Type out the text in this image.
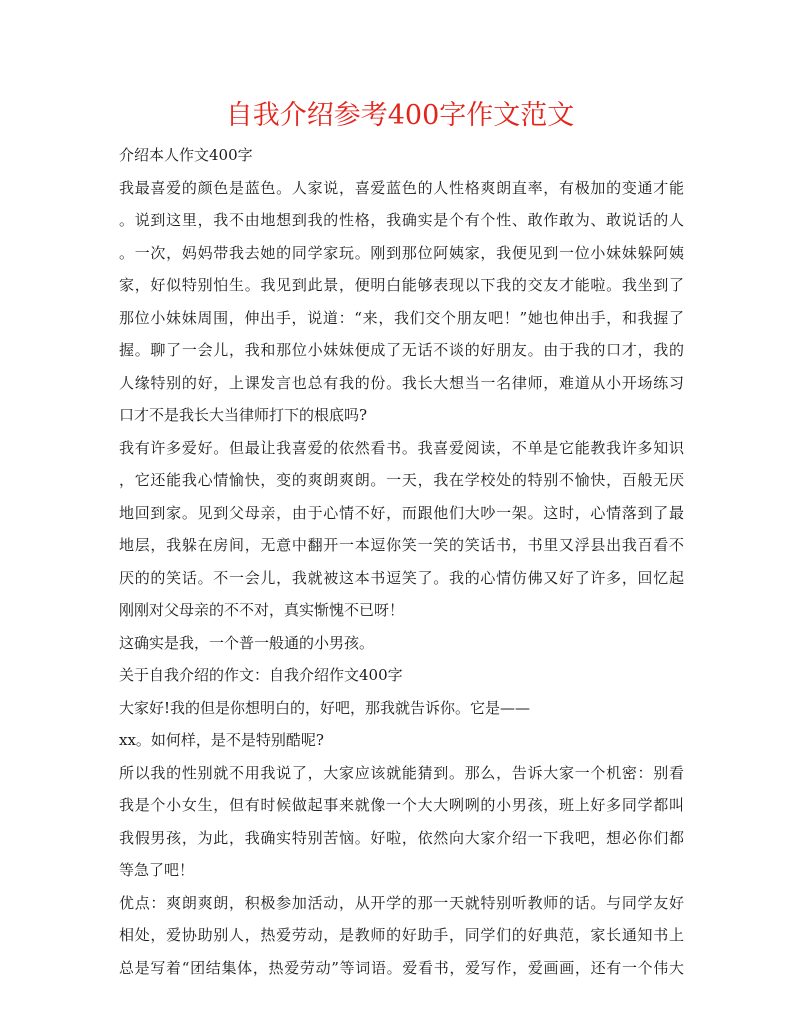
自我介绍参考400字作文范文
介绍本人作文400字
我最喜爱的颜色是蓝色。人家说，喜爱蓝色的人性格爽朗直率，有极加的变通才能
。说到这里，我不由地想到我的性格，我确实是个有个性、敢作敢为、敢说话的人
。一次，妈妈带我去她的同学家玩。刚到那位阿姨家，我便见到一位小妹妹躲阿姨
家，好似特别怕生。我见到此景，便明白能够表现以下我的交友才能啦。我坐到了
那位小妹妹周围，伸出手，说道：“来，我们交个朋友吧！”她也伸出手，和我握了
握。聊了一会儿，我和那位小妹妹便成了无话不谈的好朋友。由于我的口才，我的
人缘特别的好，上课发言也总有我的份。我长大想当一名律师，难道从小开场练习
口才不是我长大当律师打下的根底吗?
我有许多爱好。但最让我喜爱的依然看书。我喜爱阅读，不单是它能教我许多知识
，它还能我心情愉快，变的爽朗爽朗。一天，我在学校处的特别不愉快，百般无厌
地回到家。见到父母亲，由于心情不好，而跟他们大吵一架。这时，心情落到了最
地层，我躲在房间，无意中翻开一本逗你笑一笑的笑话书，书里又浮县出我百看不
厌的的笑话。不一会儿，我就被这本书逗笑了。我的心情仿佛又好了许多，回忆起
刚刚对父母亲的不不对，真实惭愧不已呀！
这确实是我，一个普一般通的小男孩。
关于自我介绍的作文：自我介绍作文400字
大家好!我的但是你想明白的，好吧，那我就告诉你。它是——
xx。如何样，是不是特别酷呢?
所以我的性别就不用我说了，大家应该就能猜到。那么，告诉大家一个机密：别看
我是个小女生，但有时候做起事来就像一个大大咧咧的小男孩，班上好多同学都叫
我假男孩，为此，我确实特别苦恼。好啦，依然向大家介绍一下我吧，想必你们都
等急了吧！
优点：爽朗爽朗，积极参加活动，从开学的那一天就特别听教师的话。与同学友好
相处，爱协助别人，热爱劳动，是教师的好助手，同学们的好典范，家长通知书上
总是写着“团结集体，热爱劳动”等词语。爱看书，爱写作，爱画画，还有一个伟大
